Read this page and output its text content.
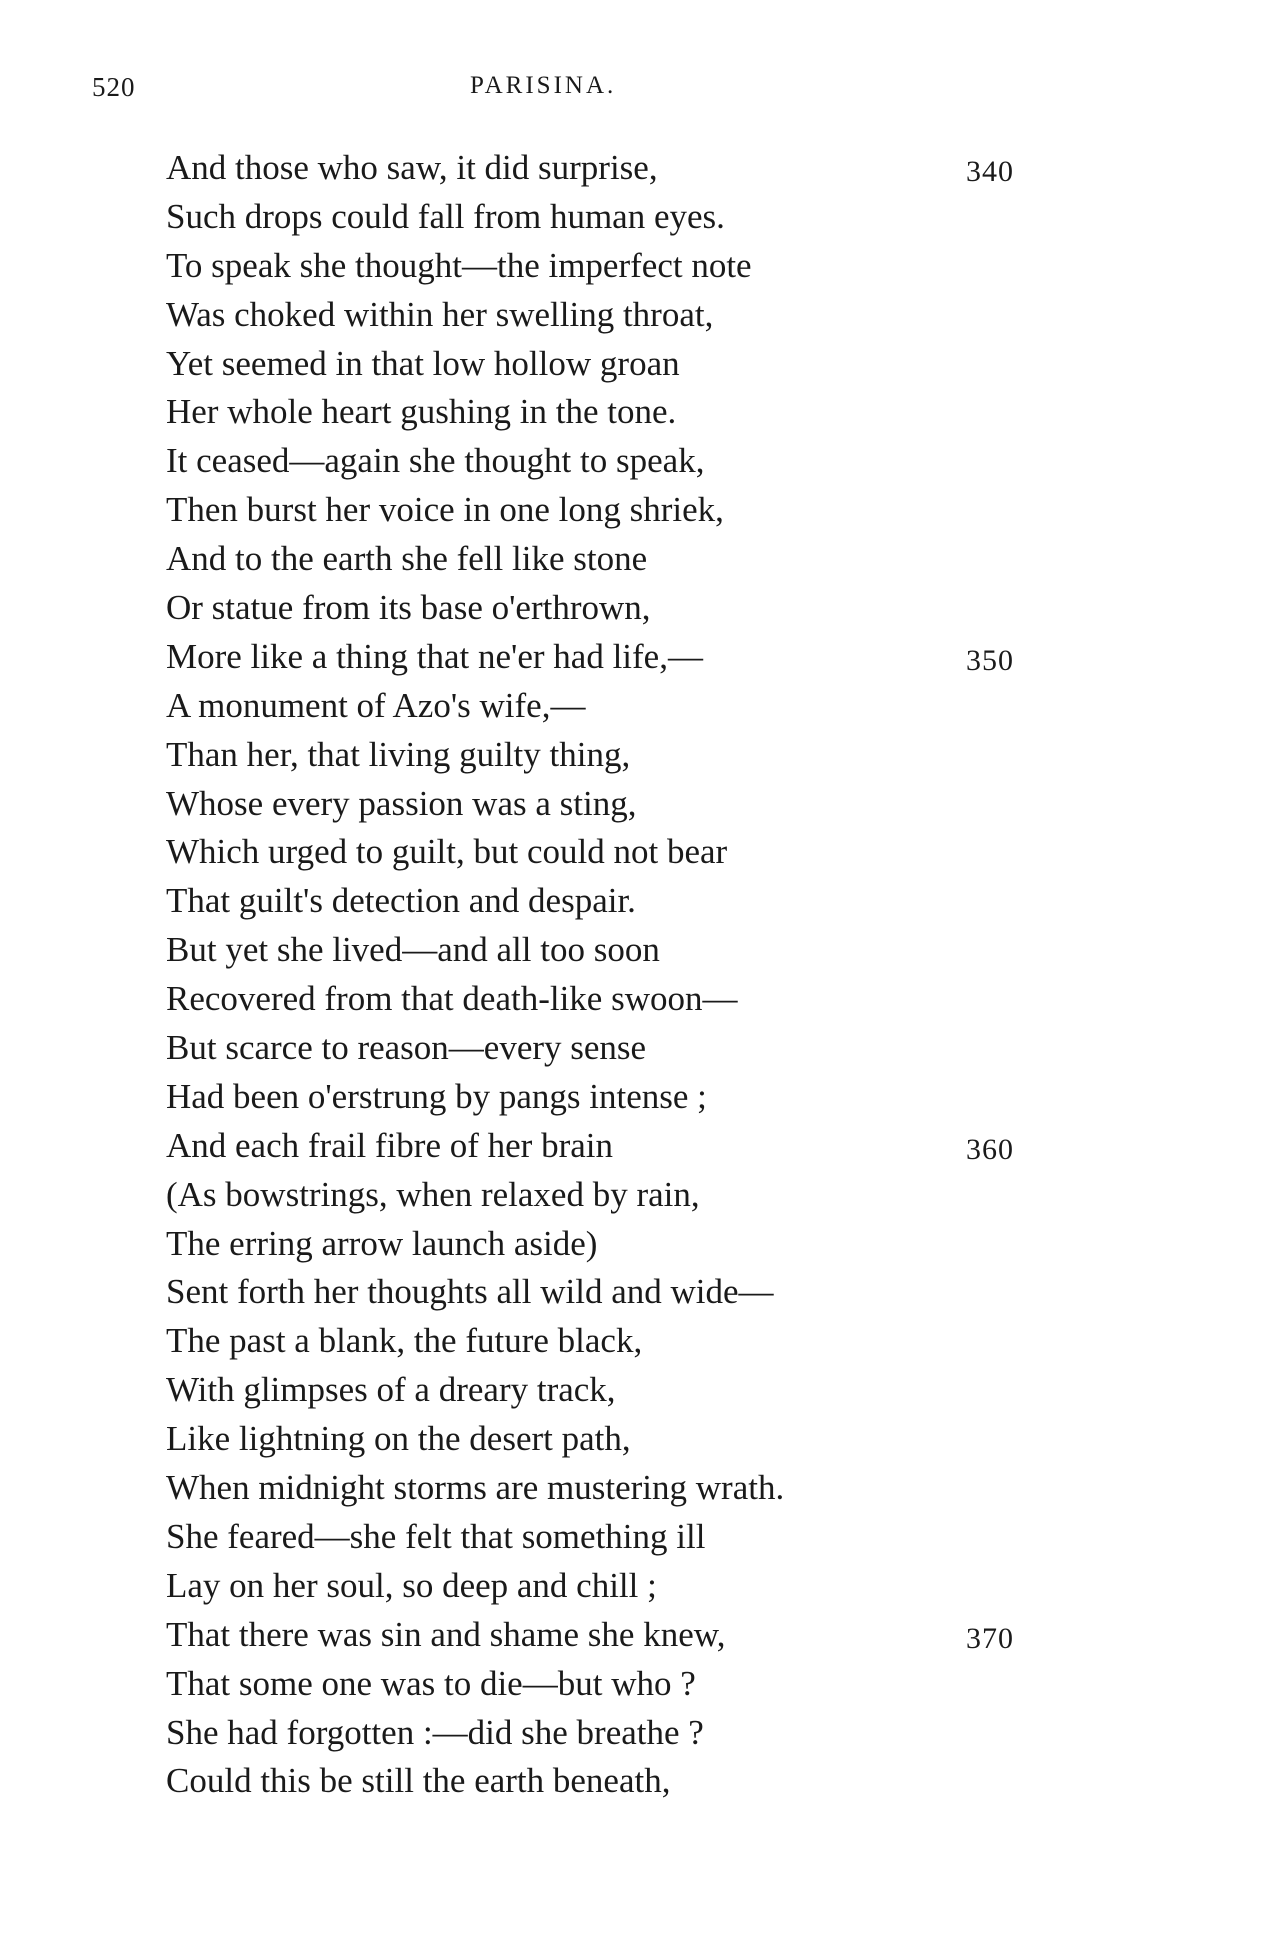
520	PARISINA.
And those who saw, it did surprise,	340
Such drops could fall from human eyes.
To speak she thought—the imperfect note
Was choked within her swelling throat,
Yet seemed in that low hollow groan
Her whole heart gushing in the tone.
It ceased—again she thought to speak,
Then burst her voice in one long shriek,
And to the earth she fell like stone
Or statue from its base o'erthrown,
More like a thing that ne'er had life,—	350
A monument of Azo's wife,—
Than her, that living guilty thing,
Whose every passion was a sting,
Which urged to guilt, but could not bear
That guilt's detection and despair.
But yet she lived—and all too soon
Recovered from that death-like swoon—
But scarce to reason—every sense
Had been o'erstrung by pangs intense ;
And each frail fibre of her brain	360
(As bowstrings, when relaxed by rain,
The erring arrow launch aside)
Sent forth her thoughts all wild and wide—
The past a blank, the future black,
With glimpses of a dreary track,
Like lightning on the desert path,
When midnight storms are mustering wrath.
She feared—she felt that something ill
Lay on her soul, so deep and chill ;
That there was sin and shame she knew,	370
That some one was to die—but who ?
She had forgotten :—did she breathe ?
Could this be still the earth beneath,
